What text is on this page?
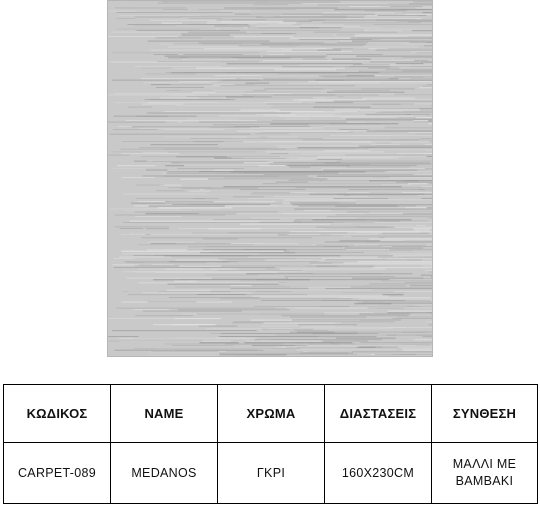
ΚΩΔΙΚΟΣ	NAME	ΧΡΩΜΑ	ΔΙΑΣΤΑΣΕΙΣ	ΣΥΝΘΕΣΗ
CARPET-089	MEDANOS	ΓΚΡΙ	160X230CM	ΜΑΛΛΙ ΜΕ
ΒΑΜΒΑΚΙ
